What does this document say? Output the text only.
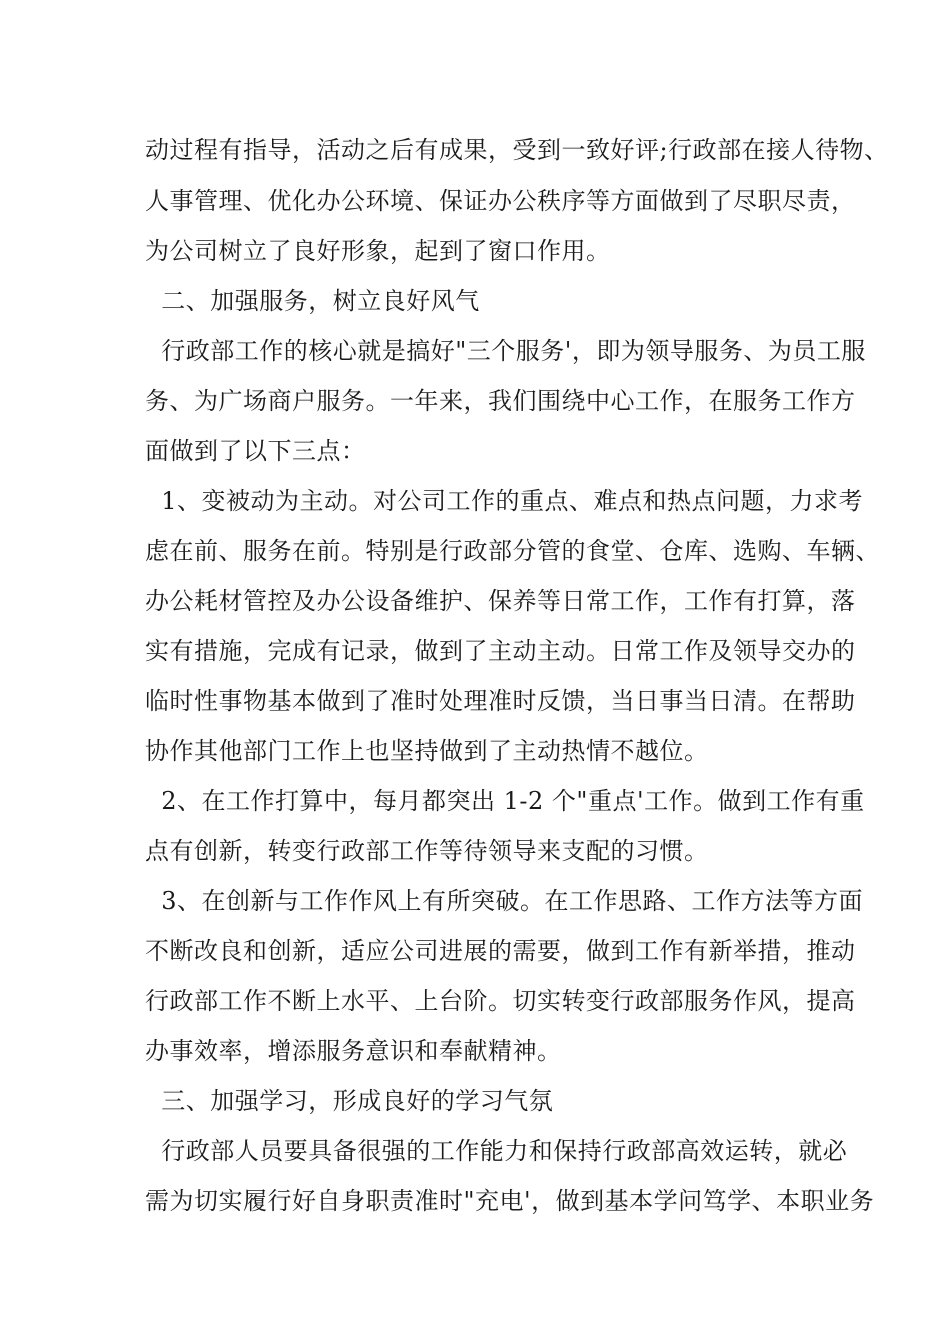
动过程有指导，活动之后有成果，受到一致好评;行政部在接人待物、
人事管理、优化办公环境、保证办公秩序等方面做到了尽职尽责，
为公司树立了良好形象，起到了窗口作用。
二、加强服务，树立良好风气
行政部工作的核心就是搞好"三个服务'，即为领导服务、为员工服
务、为广场商户服务。一年来，我们围绕中心工作，在服务工作方
面做到了以下三点：
1、变被动为主动。对公司工作的重点、难点和热点问题，力求考
虑在前、服务在前。特别是行政部分管的食堂、仓库、选购、车辆、
办公耗材管控及办公设备维护、保养等日常工作，工作有打算，落
实有措施，完成有记录，做到了主动主动。日常工作及领导交办的
临时性事物基本做到了准时处理准时反馈，当日事当日清。在帮助
协作其他部门工作上也坚持做到了主动热情不越位。
2、在工作打算中，每月都突出 1-2 个"重点'工作。做到工作有重
点有创新，转变行政部工作等待领导来支配的习惯。
3、在创新与工作作风上有所突破。在工作思路、工作方法等方面
不断改良和创新，适应公司进展的需要，做到工作有新举措，推动
行政部工作不断上水平、上台阶。切实转变行政部服务作风，提高
办事效率，增添服务意识和奉献精神。
三、加强学习，形成良好的学习气氛
行政部人员要具备很强的工作能力和保持行政部高效运转，就必
需为切实履行好自身职责准时"充电'，做到基本学问笃学、本职业务
